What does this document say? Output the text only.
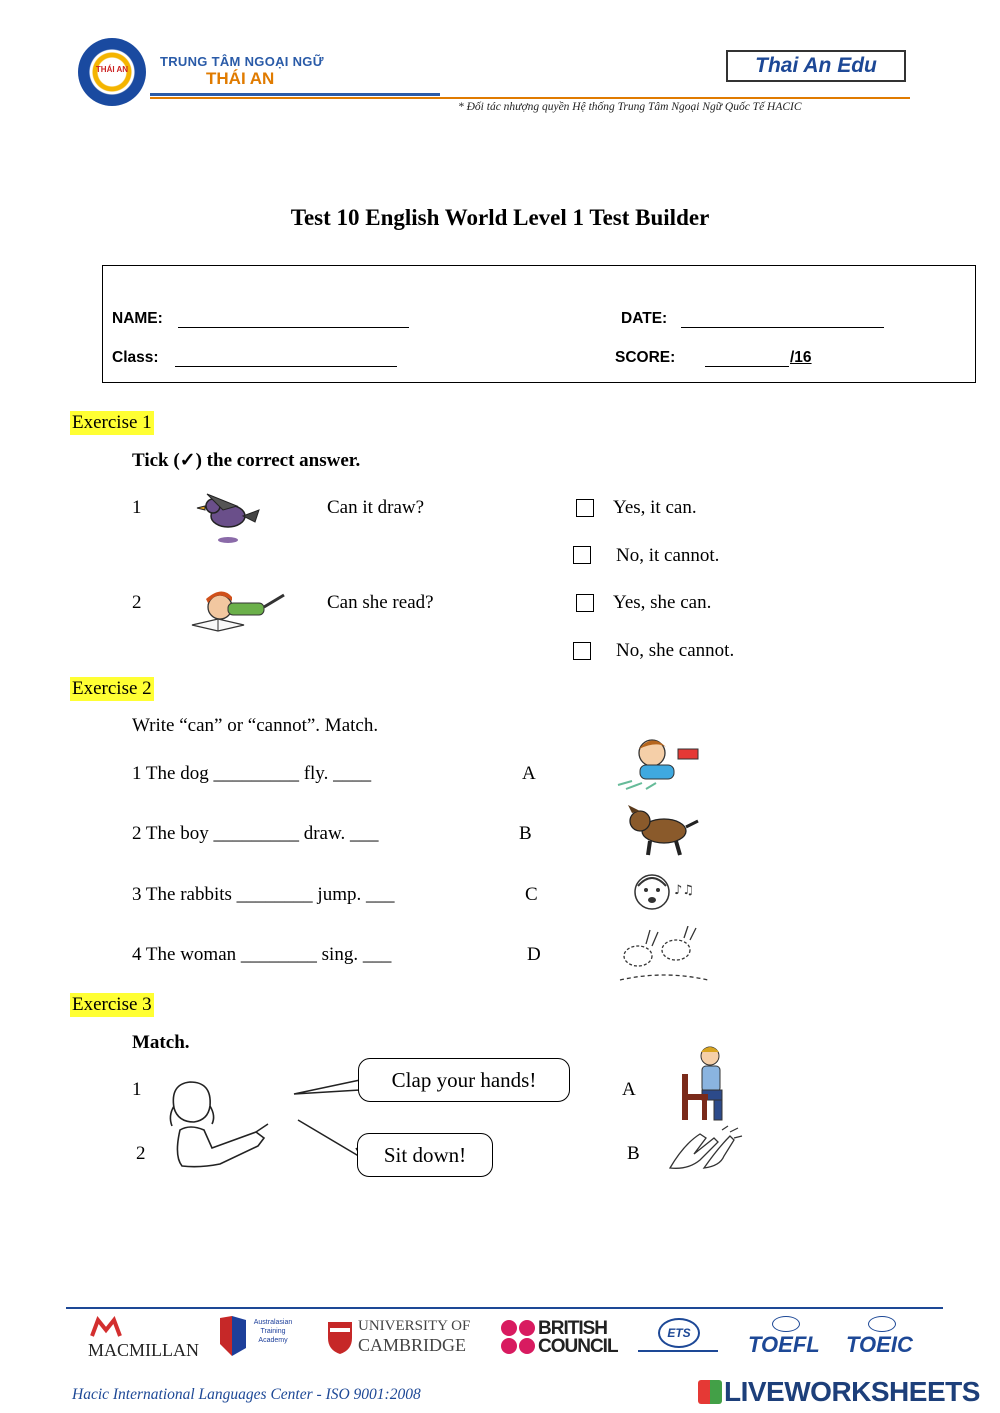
THÁI AN
TRUNG TÂM NGOẠI NGỮ
THÁI AN
Thai An Edu
* Đối tác nhượng quyền Hệ thống Trung Tâm Ngoại Ngữ Quốc Tế HACIC
Test 10 English World Level 1 Test Builder
NAME:	DATE:
Class:	SCORE:	/16
Exercise 1
Tick (✓) the correct answer.
1	Can it draw?	Yes, it can.
No, it cannot.
2	Can she read?	Yes, she can.
No, she cannot.
Exercise 2
Write “can” or “cannot”. Match.
1 The dog _________ fly. ____	A
2 The boy _________ draw. ___	B
3 The rabbits ________ jump. ___	C
4 The woman ________ sing. ___	D
♪♫
Exercise 3
Match.
1
2
Clap your hands!
Sit down!
A
B
MACMILLAN
Australasian Training Academy
UNIVERSITY OF
CAMBRIDGE
BRITISH
COUNCIL
ETS	TOEFL TOEIC
Hacic International Languages Center - ISO 9001:2008	LIVEWORKSHEETS
